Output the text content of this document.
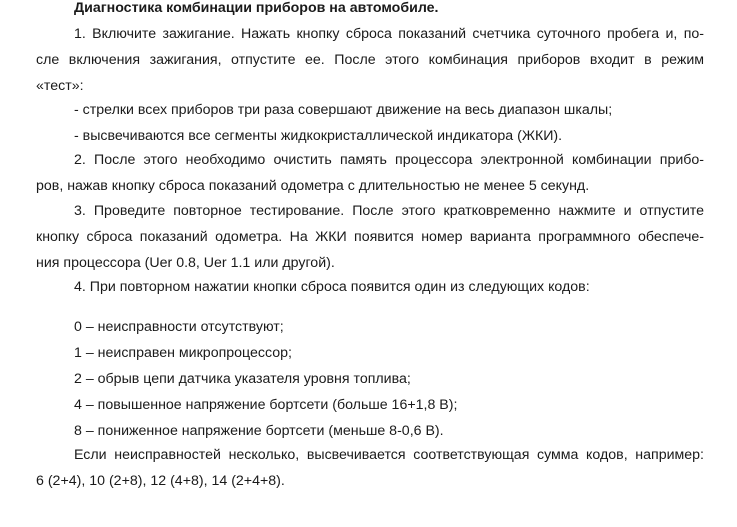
Диагностика комбинации приборов на автомобиле.
1. Включите зажигание. Нажать кнопку сброса показаний счетчика суточного пробега и, по-
сле включения зажигания, отпустите ее. После этого комбинация приборов входит в режим
«тест»:
- стрелки всех приборов три раза совершают движение на весь диапазон шкалы;
- высвечиваются все сегменты жидкокристаллической индикатора (ЖКИ).
2. После этого необходимо очистить память процессора электронной комбинации прибо-
ров, нажав кнопку сброса показаний одометра с длительностью не менее 5 секунд.
3. Проведите повторное тестирование. После этого кратковременно нажмите и отпустите
кнопку сброса показаний одометра. На ЖКИ появится номер варианта программного обеспече-
ния процессора (Uer 0.8, Uer 1.1 или другой).
4. При повторном нажатии кнопки сброса появится один из следующих кодов:
0 – неисправности отсутствуют;
1 – неисправен микропроцессор;
2 – обрыв цепи датчика указателя уровня топлива;
4 – повышенное напряжение бортсети (больше 16+1,8 В);
8 – пониженное напряжение бортсети (меньше 8-0,6 В).
Если неисправностей несколько, высвечивается соответствующая сумма кодов, например:
6 (2+4), 10 (2+8), 12 (4+8), 14 (2+4+8).
